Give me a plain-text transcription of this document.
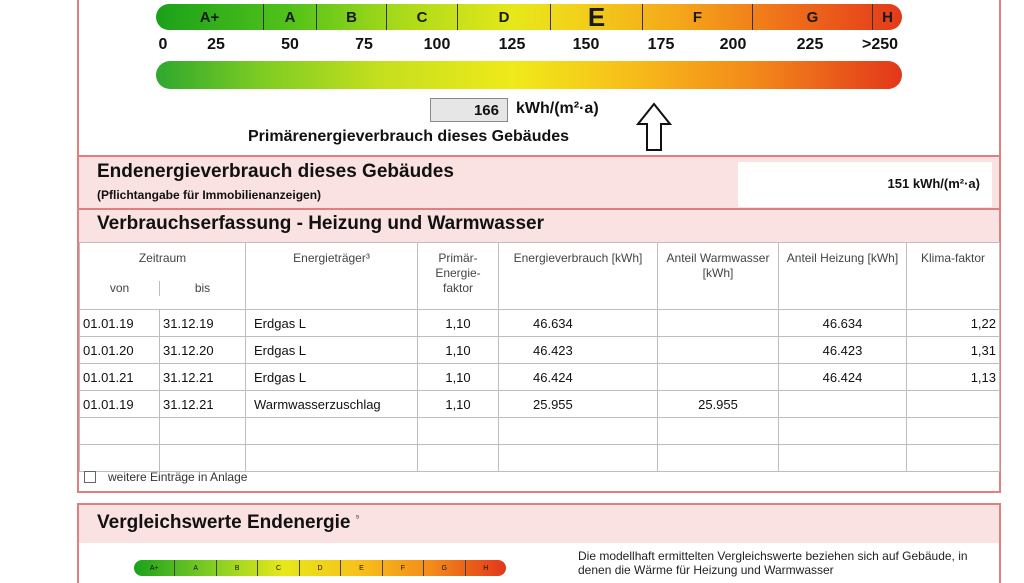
A+	A	B	C	D	E	F	G	H
0 25	50	75	100	125	150	175	200	225 >250
166	kWh/(m²·a)
Primärenergieverbrauch dieses Gebäudes
Endenergieverbrauch dieses Gebäudes
(Pflichtangabe für Immobilienanzeigen)
151 kWh/(m²·a)
Verbrauchserfassung - Heizung und Warmwasser
Zeitraum
von bis		Energieträger³	Primär-Energie-faktor	Energieverbrauch [kWh]	Anteil Warmwasser [kWh]	Anteil Heizung [kWh]	Klima-faktor
01.01.19	31.12.19	Erdgas L	1,10	46.634		46.634	1,22
01.01.20	31.12.20	Erdgas L	1,10	46.423		46.423	1,31
01.01.21	31.12.21	Erdgas L	1,10	46.424		46.424	1,13
01.01.19	31.12.21	Warmwasserzuschlag	1,10	25.955	25.955		

weitere Einträge in Anlage
Vergleichswerte Endenergie $^{^5}$
A+	A	B	C	D	E	F	G	H
Die modellhaft ermittelten Vergleichswerte beziehen sich auf Gebäude, in denen die Wärme für Heizung und Warmwasser
